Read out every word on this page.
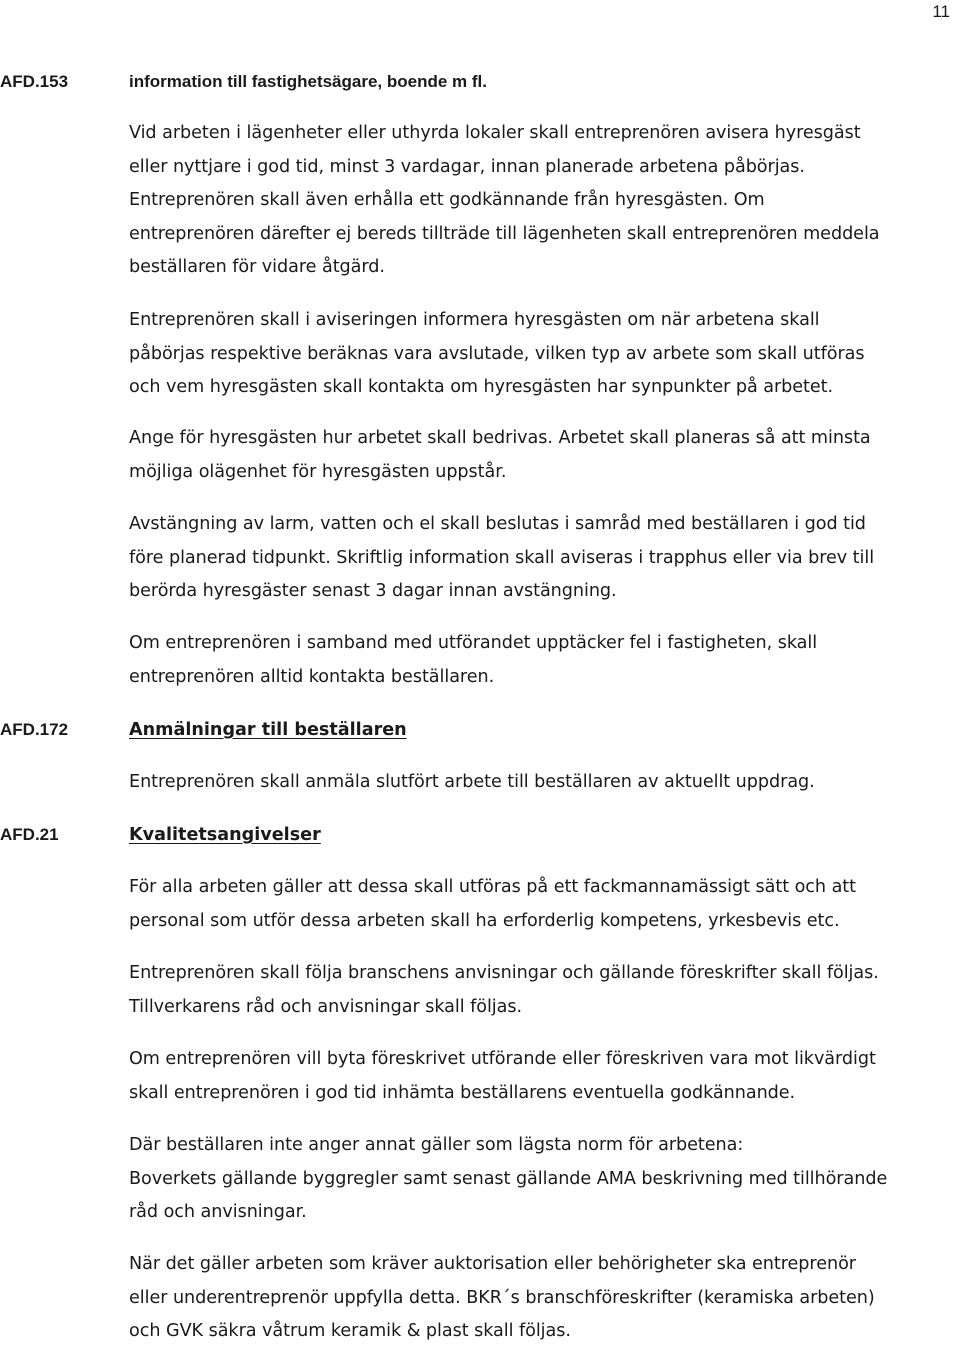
11
AFD.153	information till fastighetsägare, boende m fl.

Vid arbeten i lägenheter eller uthyrda lokaler skall entreprenören avisera hyresgäst

eller nyttjare i god tid, minst 3 vardagar, innan planerade arbetena påbörjas.

Entreprenören skall även erhålla ett godkännande från hyresgästen. Om

entreprenören därefter ej bereds tillträde till lägenheten skall entreprenören meddela

beställaren för vidare åtgärd.

Entreprenören skall i aviseringen informera hyresgästen om när arbetena skall

påbörjas respektive beräknas vara avslutade, vilken typ av arbete som skall utföras

och vem hyresgästen skall kontakta om hyresgästen har synpunkter på arbetet.

Ange för hyresgästen hur arbetet skall bedrivas. Arbetet skall planeras så att minsta

möjliga olägenhet för hyresgästen uppstår.

Avstängning av larm, vatten och el skall beslutas i samråd med beställaren i god tid

före planerad tidpunkt. Skriftlig information skall aviseras i trapphus eller via brev till

berörda hyresgäster senast 3 dagar innan avstängning.

Om entreprenören i samband med utförandet upptäcker fel i fastigheten, skall

entreprenören alltid kontakta beställaren.

AFD.172	Anmälningar till beställaren

Entreprenören skall anmäla slutfört arbete till beställaren av aktuellt uppdrag.

AFD.21	Kvalitetsangivelser

För alla arbeten gäller att dessa skall utföras på ett fackmannamässigt sätt och att

personal som utför dessa arbeten skall ha erforderlig kompetens, yrkesbevis etc.

Entreprenören skall följa branschens anvisningar och gällande föreskrifter skall följas.

Tillverkarens råd och anvisningar skall följas.

Om entreprenören vill byta föreskrivet utförande eller föreskriven vara mot likvärdigt

skall entreprenören i god tid inhämta beställarens eventuella godkännande.

Där beställaren inte anger annat gäller som lägsta norm för arbetena:

Boverkets gällande byggregler samt senast gällande AMA beskrivning med tillhörande

råd och anvisningar.

När det gäller arbeten som kräver auktorisation eller behörigheter ska entreprenör

eller underentreprenör uppfylla detta. BKR´s branschföreskrifter (keramiska arbeten)

och GVK säkra våtrum keramik & plast skall följas.
